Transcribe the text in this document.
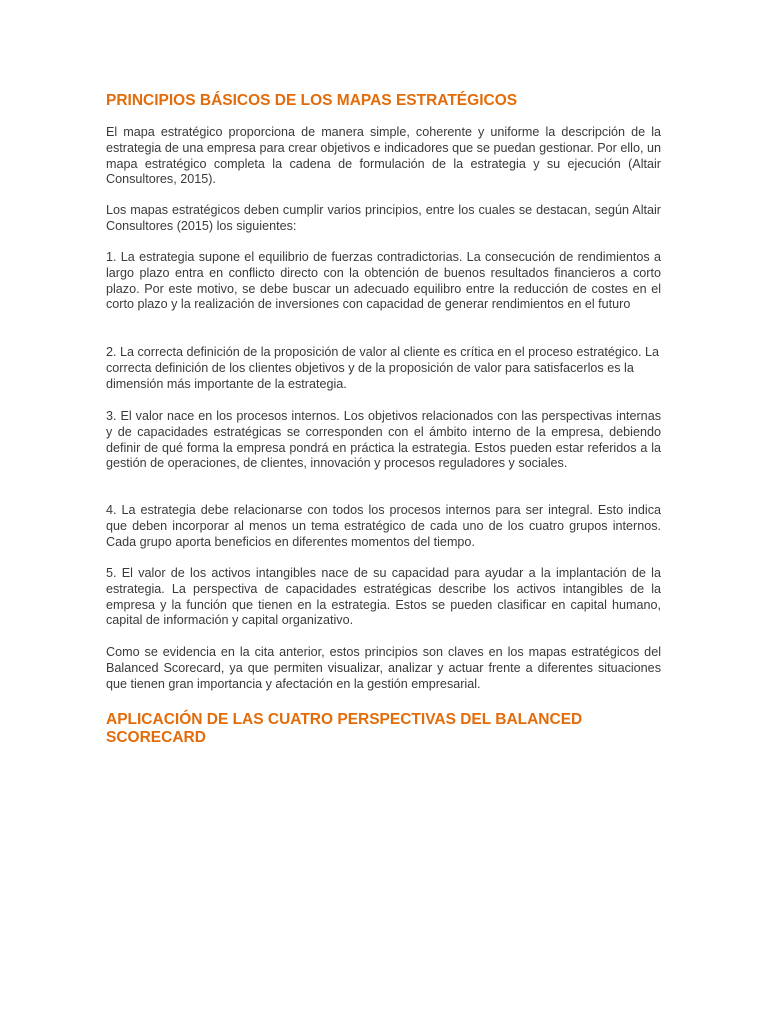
PRINCIPIOS BÁSICOS DE LOS MAPAS ESTRATÉGICOS

El mapa estratégico proporciona de manera simple, coherente y uniforme la descripción de la estrategia de una empresa para crear objetivos e indicadores que se puedan gestionar. Por ello, un mapa estratégico completa la cadena de formulación de la estrategia y su ejecución (Altair Consultores, 2015).

Los mapas estratégicos deben cumplir varios principios, entre los cuales se destacan, según Altair Consultores (2015) los siguientes:

1. La estrategia supone el equilibrio de fuerzas contradictorias. La consecución de rendimientos a largo plazo entra en conflicto directo con la obtención de buenos resultados financieros a corto plazo. Por este motivo, se debe buscar un adecuado equilibro entre la reducción de costes en el corto plazo y la realización de inversiones con capacidad de generar rendimientos en el futuro

2. La correcta definición de la proposición de valor al cliente es crítica en el proceso estratégico. La correcta definición de los clientes objetivos y de la proposición de valor para satisfacerlos es la dimensión más importante de la estrategia.

3. El valor nace en los procesos internos. Los objetivos relacionados con las perspectivas internas y de capacidades estratégicas se corresponden con el ámbito interno de la empresa, debiendo definir de qué forma la empresa pondrá en práctica la estrategia. Estos pueden estar referidos a la gestión de operaciones, de clientes, innovación y procesos reguladores y sociales.

4. La estrategia debe relacionarse con todos los procesos internos para ser integral. Esto indica que deben incorporar al menos un tema estratégico de cada uno de los cuatro grupos internos. Cada grupo aporta beneficios en diferentes momentos del tiempo.

5. El valor de los activos intangibles nace de su capacidad para ayudar a la implantación de la estrategia. La perspectiva de capacidades estratégicas describe los activos intangibles de la empresa y la función que tienen en la estrategia. Estos se pueden clasificar en capital humano, capital de información y capital organizativo.

Como se evidencia en la cita anterior, estos principios son claves en los mapas estratégicos del Balanced Scorecard, ya que permiten visualizar, analizar y actuar frente a diferentes situaciones que tienen gran importancia y afectación en la gestión empresarial.

APLICACIÓN DE LAS CUATRO PERSPECTIVAS DEL BALANCED SCORECARD
